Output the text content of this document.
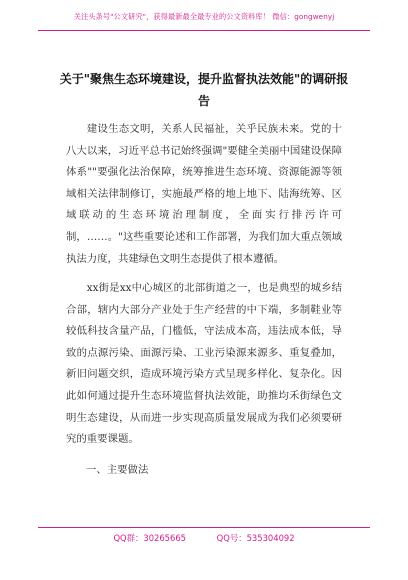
关注头条号"公文研究"，获得最新最全最专业的公文资料库！ 微信：gongwenyj
关于"聚焦生态环境建设，提升监督执法效能"的调研报告
建设生态文明，关系人民福祉，关乎民族未来。党的十八大以来，习近平总书记始终强调"要健全美丽中国建设保障体系""要强化法治保障，统筹推进生态环境、资源能源等领域相关法律制修订，实施最严格的地上地下、陆海统筹、区域联动的生态环境治理制度，全面实行排污许可制，……。"这些重要论述和工作部署，为我们加大重点领域执法力度，共建绿色文明生态提供了根本遵循。
xx街是xx中心城区的北部街道之一，也是典型的城乡结合部，辖内大部分产业处于生产经营的中下端，多制鞋业等较低科技含量产品，门槛低，守法成本高，违法成本低，导致的点源污染、面源污染、工业污染源来源多、重复叠加，新旧问题交织，造成环境污染方式呈现多样化、复杂化。因此如何通过提升生态环境监督执法效能，助推均禾街绿色文明生态建设，从而进一步实现高质量发展成为我们必须要研究的重要课题。
一、主要做法
QQ群：30265665	QQ号：535304092
